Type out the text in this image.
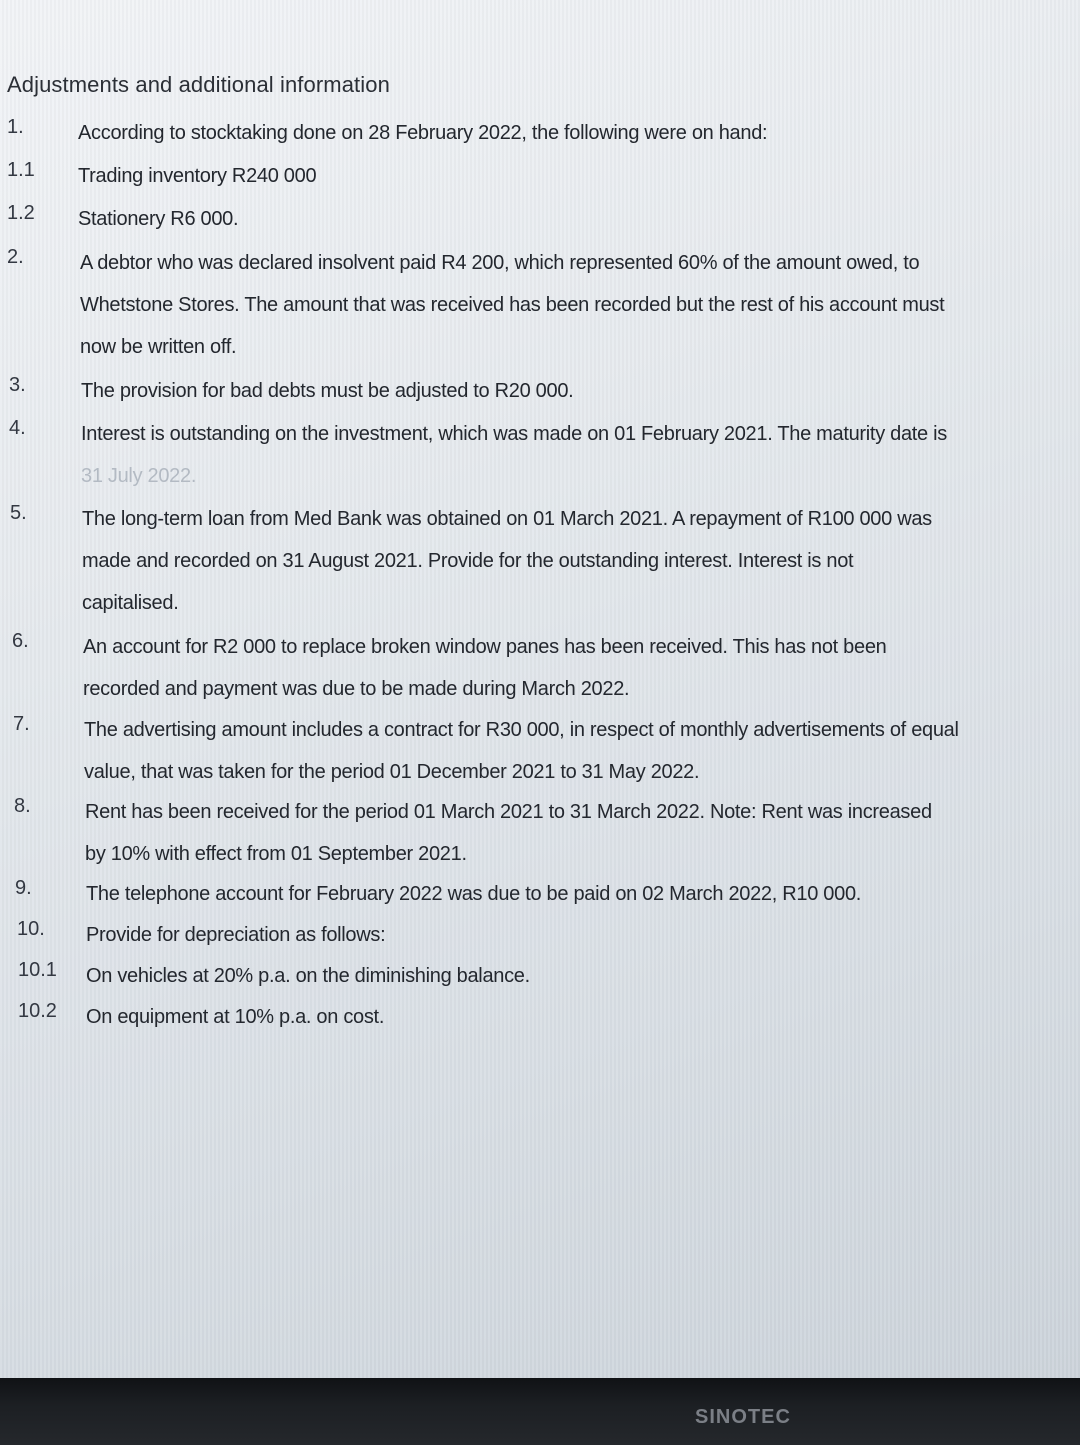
Adjustments and additional information
1.	According to stocktaking done on 28 February 2022, the following were on hand:
1.1 Trading inventory R240 000
1.2 Stationery R6 000.
2.	A debtor who was declared insolvent paid R4 200, which represented 60% of the amount owed, to
Whetstone Stores. The amount that was received has been recorded but the rest of his account must
now be written off.
3.	The provision for bad debts must be adjusted to R20 000.
4.	Interest is outstanding on the investment, which was made on 01 February 2021. The maturity date is
31 July 2022.
5.	The long-term loan from Med Bank was obtained on 01 March 2021. A repayment of R100 000 was
made and recorded on 31 August 2021. Provide for the outstanding interest. Interest is not
capitalised.
6.	An account for R2 000 to replace broken window panes has been received. This has not been
recorded and payment was due to be made during March 2022.
7.	The advertising amount includes a contract for R30 000, in respect of monthly advertisements of equal
value, that was taken for the period 01 December 2021 to 31 May 2022.
8.	Rent has been received for the period 01 March 2021 to 31 March 2022. Note: Rent was increased
by 10% with effect from 01 September 2021.
9.	The telephone account for February 2022 was due to be paid on 02 March 2022, R10 000.
10. Provide for depreciation as follows:
10.1 On vehicles at 20% p.a. on the diminishing balance.
10.2 On equipment at 10% p.a. on cost.
SINOTEC
